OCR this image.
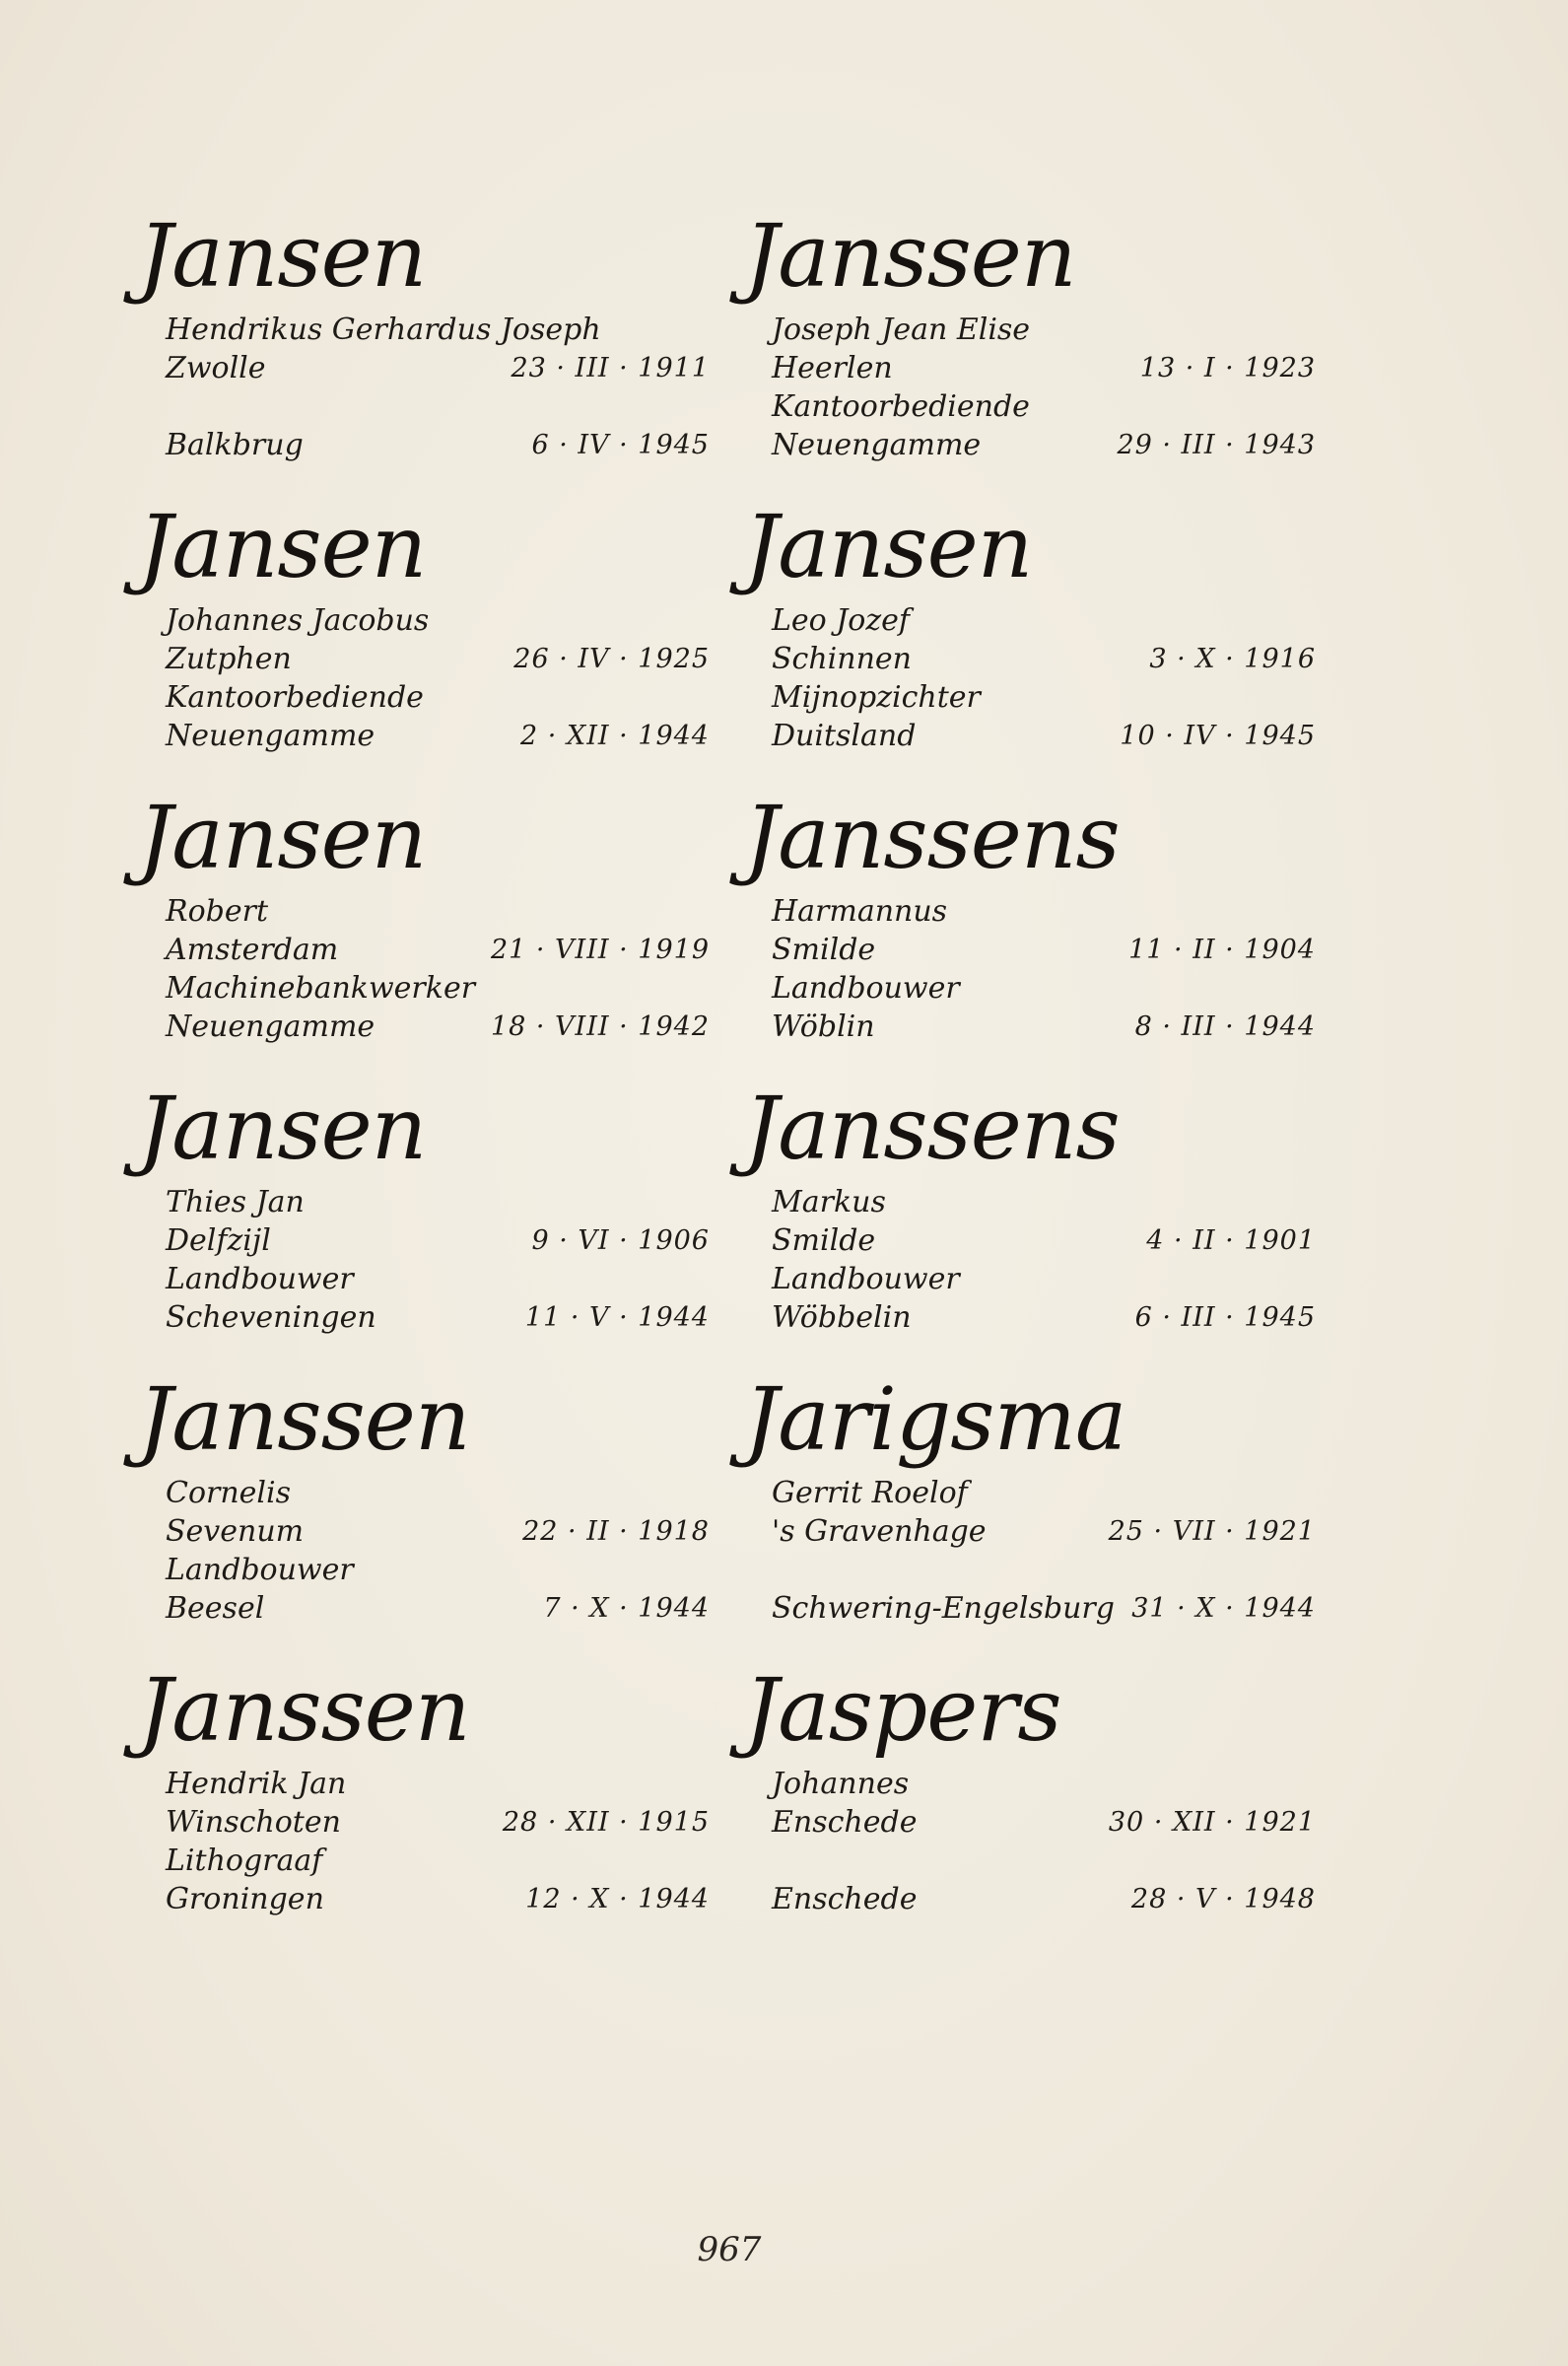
Jansen
Hendrikus Gerhardus Joseph
Zwolle	23 · III · 1911
Balkbrug	6 · IV · 1945
Jansen
Johannes Jacobus
Zutphen	26 · IV · 1925
Kantoorbediende
Neuengamme	2 · XII · 1944
Jansen
Robert
Amsterdam	21 · VIII · 1919
Machinebankwerker
Neuengamme	18 · VIII · 1942
Jansen
Thies Jan
Delfzijl	9 · VI · 1906
Landbouwer
Scheveningen	11 · V · 1944
Janssen
Cornelis
Sevenum	22 · II · 1918
Landbouwer
Beesel	7 · X · 1944
Janssen
Hendrik Jan
Winschoten	28 · XII · 1915
Lithograaf
Groningen	12 · X · 1944
Janssen
Joseph Jean Elise
Heerlen	13 · I · 1923
Kantoorbediende
Neuengamme	29 · III · 1943
Jansen
Leo Jozef
Schinnen	3 · X · 1916
Mijnopzichter
Duitsland	10 · IV · 1945
Janssens
Harmannus
Smilde	11 · II · 1904
Landbouwer
Wöblin	8 · III · 1944
Janssens
Markus
Smilde	4 · II · 1901
Landbouwer
Wöbbelin	6 · III · 1945
Jarigsma
Gerrit Roelof
's Gravenhage	25 · VII · 1921
Schwering-Engelsburg 31 · X · 1944
Jaspers
Johannes
Enschede	30 · XII · 1921
Enschede	28 · V · 1948
967
